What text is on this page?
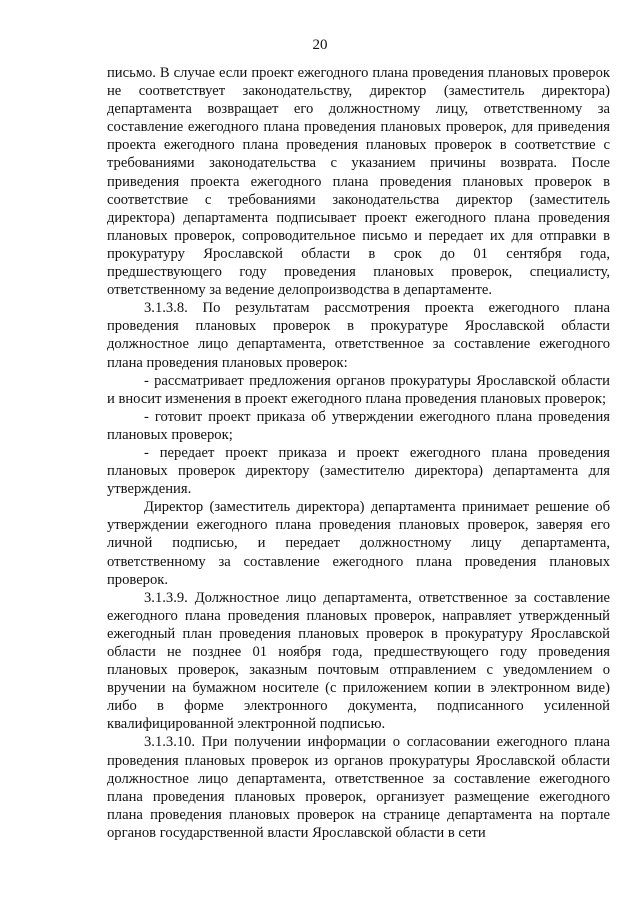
20

письмо. В случае если проект ежегодного плана проведения плановых проверок не соответствует законодательству, директор (заместитель директора) департамента возвращает его должностному лицу, ответственному за составление ежегодного плана проведения плановых проверок, для приведения проекта ежегодного плана проведения плановых проверок в соответствие с требованиями законодательства с указанием причины возврата. После приведения проекта ежегодного плана проведения плановых проверок в соответствие с требованиями законодательства директор (заместитель директора) департамента подписывает проект ежегодного плана проведения плановых проверок, сопроводительное письмо и передает их для отправки в прокуратуру Ярославской области в срок до 01 сентября года, предшествующего году проведения плановых проверок, специалисту, ответственному за ведение делопроизводства в департаменте.

3.1.3.8. По результатам рассмотрения проекта ежегодного плана проведения плановых проверок в прокуратуре Ярославской области должностное лицо департамента, ответственное за составление ежегодного плана проведения плановых проверок:

- рассматривает предложения органов прокуратуры Ярославской области и вносит изменения в проект ежегодного плана проведения плановых проверок;

- готовит проект приказа об утверждении ежегодного плана проведения плановых проверок;

- передает проект приказа и проект ежегодного плана проведения плановых проверок директору (заместителю директора) департамента для утверждения.

Директор (заместитель директора) департамента принимает решение об утверждении ежегодного плана проведения плановых проверок, заверяя его личной подписью, и передает должностному лицу департамента, ответственному за составление ежегодного плана проведения плановых проверок.

3.1.3.9. Должностное лицо департамента, ответственное за составление ежегодного плана проведения плановых проверок, направляет утвержденный ежегодный план проведения плановых проверок в прокуратуру Ярославской области не позднее 01 ноября года, предшествующего году проведения плановых проверок, заказным почтовым отправлением с уведомлением о вручении на бумажном носителе (с приложением копии в электронном виде) либо в форме электронного документа, подписанного усиленной квалифицированной электронной подписью.

3.1.3.10. При получении информации о согласовании ежегодного плана проведения плановых проверок из органов прокуратуры Ярославской области должностное лицо департамента, ответственное за составление ежегодного плана проведения плановых проверок, организует размещение ежегодного плана проведения плановых проверок на странице департамента на портале органов государственной власти Ярославской области в сети
